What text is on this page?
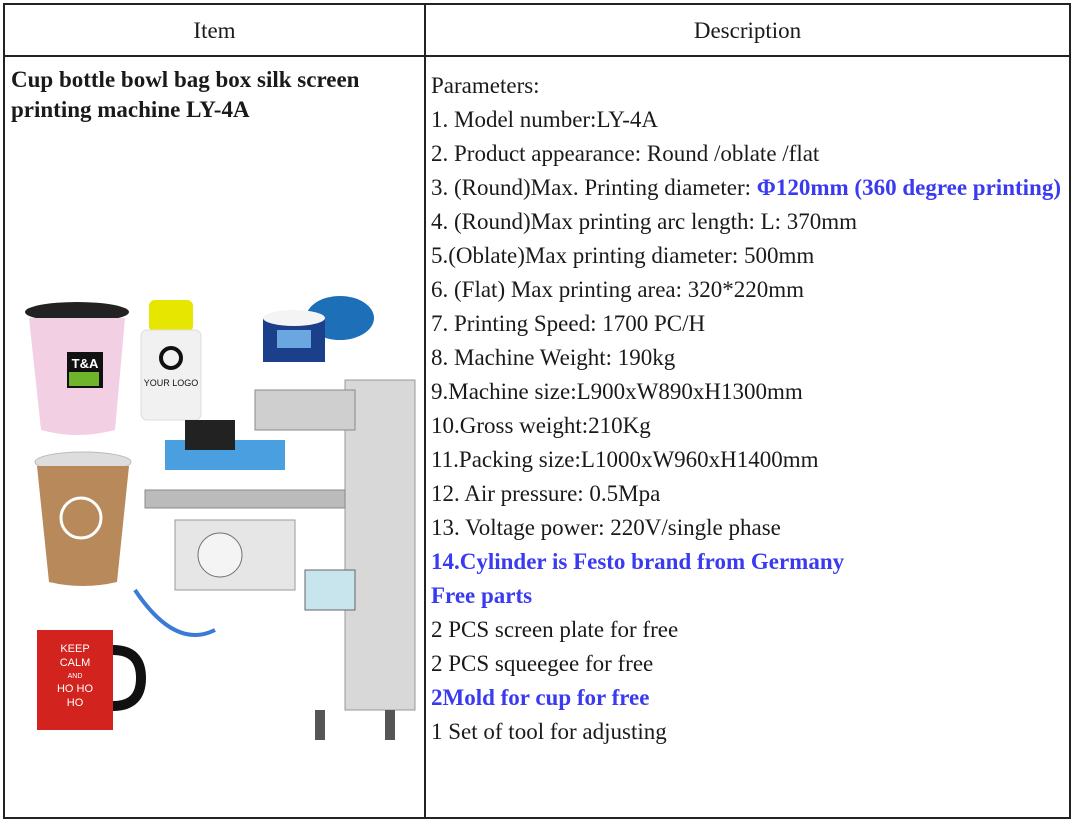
Item	Description
Cup bottle bowl bag box silk screen printing machine LY-4A
T&A
YOUR LOGO
KEEP
CALM
AND
HO HO
HO
Parameters:
1. Model number:LY-4A
2. Product appearance: Round /oblate /flat
3. (Round)Max. Printing diameter: Φ120mm (360 degree printing)
4. (Round)Max printing arc length: L: 370mm
5.(Oblate)Max printing diameter: 500mm
6. (Flat) Max printing area: 320*220mm
7. Printing Speed: 1700 PC/H
8. Machine Weight: 190kg
9.Machine size:L900xW890xH1300mm
10.Gross weight:210Kg
11.Packing size:L1000xW960xH1400mm
12. Air pressure: 0.5Mpa
13. Voltage power: 220V/single phase
14.Cylinder is Festo brand from Germany
Free parts
2 PCS screen plate for free
2 PCS squeegee for free
2Mold for cup for free
1 Set of tool for adjusting
